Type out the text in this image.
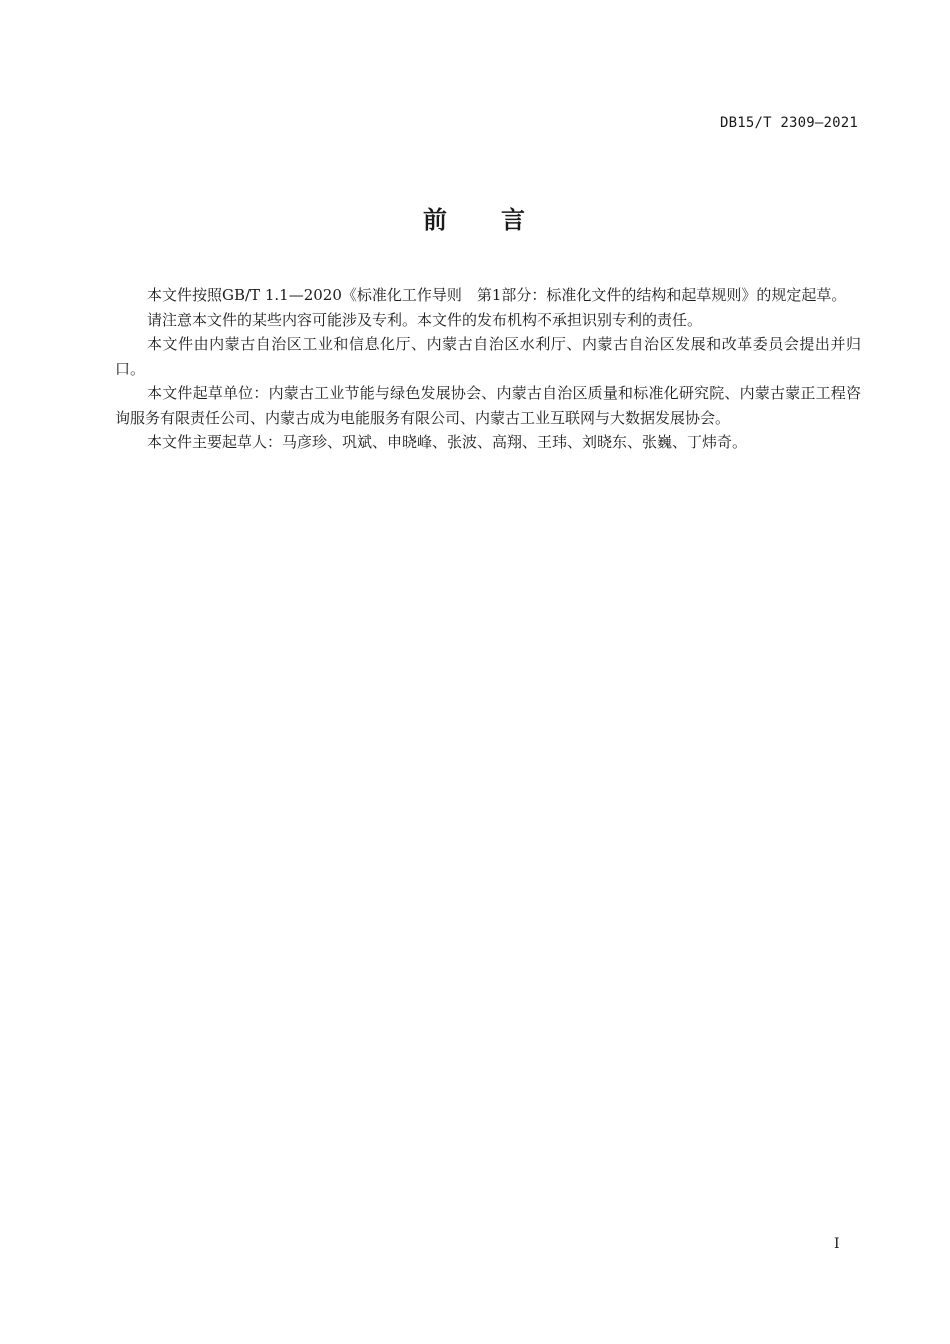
DB15/T 2309—2021
前　　言

本文件按照GB/T 1.1—2020《标准化工作导则　第1部分：标准化文件的结构和起草规则》的规定起草。

请注意本文件的某些内容可能涉及专利。本文件的发布机构不承担识别专利的责任。

本文件由内蒙古自治区工业和信息化厅、内蒙古自治区水利厅、内蒙古自治区发展和改革委员会提出并归口。

本文件起草单位：内蒙古工业节能与绿色发展协会、内蒙古自治区质量和标准化研究院、内蒙古蒙正工程咨询服务有限责任公司、内蒙古成为电能服务有限公司、内蒙古工业互联网与大数据发展协会。

本文件主要起草人：马彦珍、巩斌、申晓峰、张波、高翔、王玮、刘晓东、张巍、丁炜奇。

I
